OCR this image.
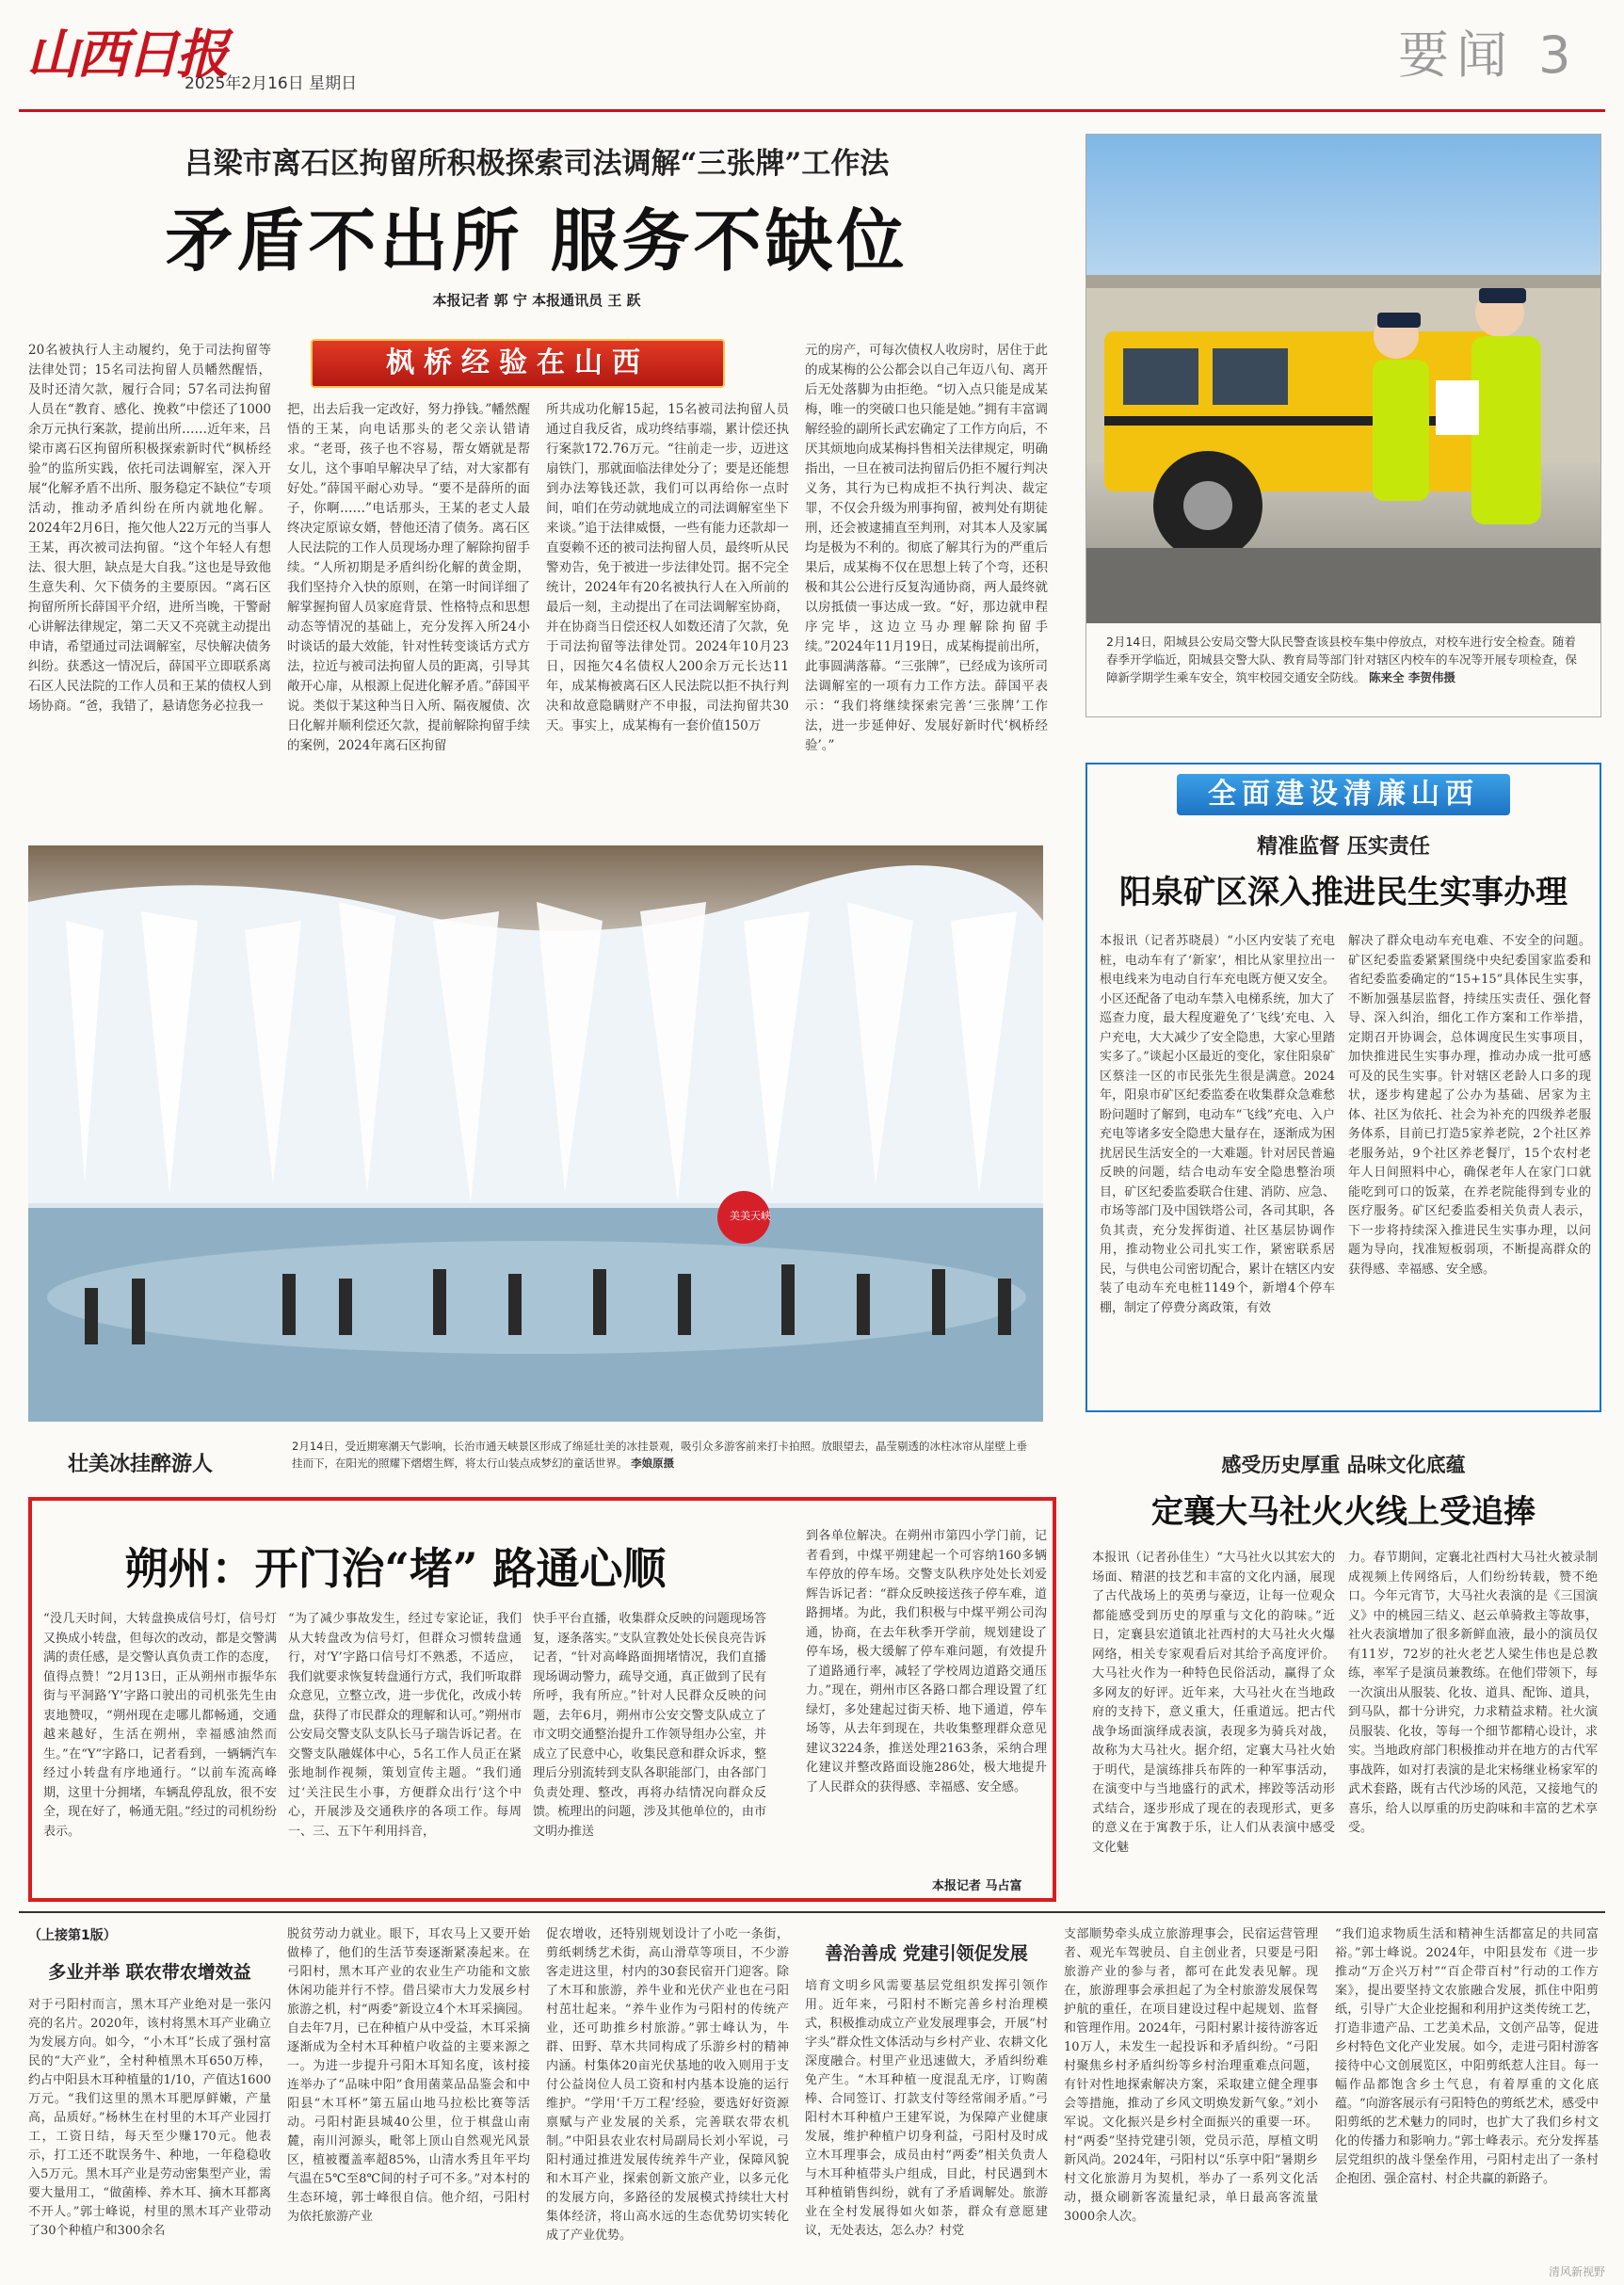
山西日报
2025年2月16日 星期日	要闻 3
吕梁市离石区拘留所积极探索司法调解“三张牌”工作法
矛盾不出所 服务不缺位
本报记者 郭 宁 本报通讯员 王 跃
枫桥经验在山西
20名被执行人主动履约，免于司法拘留等法律处罚；15名司法拘留人员幡然醒悟，及时还清欠款，履行合同；57名司法拘留人员在“教育、感化、挽救”中偿还了1000余万元执行案款，提前出所……近年来，吕梁市离石区拘留所积极探索新时代“枫桥经验”的监所实践，依托司法调解室，深入开展“化解矛盾不出所、服务稳定不缺位”专项活动，推动矛盾纠纷在所内就地化解。2024年2月6日，拖欠他人22万元的当事人王某，再次被司法拘留。“这个年轻人有想法、很大胆，缺点是大自我。”这也是导致他生意失利、欠下债务的主要原因。“离石区拘留所所长薛国平介绍，进所当晚，干警耐心讲解法律规定，第二天又不亮就主动提出申请，希望通过司法调解室，尽快解决债务纠纷。获悉这一情况后，薛国平立即联系离石区人民法院的工作人员和王某的债权人到场协商。“爸，我错了，悬请您务必拉我一
把，出去后我一定改好，努力挣钱。”幡然醒悟的王某，向电话那头的老父亲认错请求。“老哥，孩子也不容易，帮女婿就是帮女儿，这个事咱早解决早了结，对大家都有好处。”薛国平耐心劝导。“要不是薛所的面子，你啊……”电话那头，王某的老丈人最终决定原谅女婿，替他还清了债务。离石区人民法院的工作人员现场办理了解除拘留手续。“人所初期是矛盾纠纷化解的黄金期，我们坚持介入快的原则，在第一时间详细了解掌握拘留人员家庭背景、性格特点和思想动态等情况的基础上，充分发挥入所24小时谈话的最大效能，针对性转变谈话方式方法，拉近与被司法拘留人员的距离，引导其敞开心扉，从根源上促进化解矛盾。”薛国平说。类似于某这种当日入所、隔夜履债、次日化解并顺利偿还欠款，提前解除拘留手续的案例，2024年离石区拘留
所共成功化解15起，15名被司法拘留人员通过自我反省，成功终结事端，累计偿还执行案款172.76万元。“往前走一步，迈进这扇铁门，那就面临法律处分了；要是还能想到办法筹钱还款，我们可以再给你一点时间，咱们在劳动就地成立的司法调解室坐下来谈。”追于法律威慑，一些有能力还款却一直耍赖不还的被司法拘留人员，最终听从民警劝告，免于被进一步法律处罚。据不完全统计，2024年有20名被执行人在入所前的最后一刻，主动提出了在司法调解室协商，并在协商当日偿还权人如数还清了欠款，免于司法拘留等法律处罚。2024年10月23日，因拖欠4名债权人200余万元长达11年，成某梅被离石区人民法院以拒不执行判决和故意隐瞒财产不申报，司法拘留共30天。事实上，成某梅有一套价值150万
元的房产，可每次债权人收房时，居住于此的成某梅的公公都会以自己年迈八旬、离开后无处落脚为由拒绝。“切入点只能是成某梅，唯一的突破口也只能是她。”拥有丰富调解经验的副所长武宏确定了工作方向后，不厌其烦地向成某梅抖售相关法律规定，明确指出，一旦在被司法拘留后仍拒不履行判决义务，其行为已构成拒不执行判决、裁定罪，不仅会升级为刑事拘留，被判处有期徒刑，还会被逮捕直至判刑，对其本人及家属均是极为不利的。彻底了解其行为的严重后果后，成某梅不仅在思想上转了个弯，还积极和其公公进行反复沟通协商，两人最终就以房抵债一事达成一致。“好，那边就申程序完毕，这边立马办理解除拘留手续。”2024年11月19日，成某梅提前出所，此事圆满落幕。“三张牌”，已经成为该所司法调解室的一项有力工作方法。薛国平表示：“我们将继续探索完善‘三张牌’工作法，进一步延伸好、发展好新时代‘枫桥经验’。”
2月14日，阳城县公安局交警大队民警查该县校车集中停放点，对校车进行安全检查。随着春季开学临近，阳城县交警大队、教育局等部门针对辖区内校车的车况等开展专项检查，保障新学期学生乘车安全，筑牢校园交通安全防线。 陈来全 李贺伟摄
美美天峡
壮美冰挂醉游人
2月14日，受近期寒潮天气影响，长治市通天峡景区形成了绵延壮美的冰挂景观，吸引众多游客前来打卡拍照。放眼望去，晶莹剔透的冰柱冰帘从崖壁上垂挂而下，在阳光的照耀下熠熠生辉，将太行山装点成梦幻的童话世界。 李娘原摄
全面建设清廉山西
精准监督 压实责任
阳泉矿区深入推进民生实事办理
本报讯（记者苏晓晨）“小区内安装了充电桩，电动车有了‘新家’，相比从家里拉出一根电线来为电动自行车充电既方便又安全。小区还配备了电动车禁入电梯系统，加大了巡查力度，最大程度避免了‘飞线’充电、入户充电，大大减少了安全隐患，大家心里踏实多了。”谈起小区最近的变化，家住阳泉矿区蔡洼一区的市民张先生很是满意。2024年，阳泉市矿区纪委监委在收集群众急难愁盼问题时了解到，电动车“飞线”充电、入户充电等诸多安全隐患大量存在，逐渐成为困扰居民生活安全的一大难题。针对居民普遍反映的问题，结合电动车安全隐患整治项目，矿区纪委监委联合住建、消防、应急、市场等部门及中国铁塔公司，各司其职，各负其责，充分发挥街道、社区基层协调作用，推动物业公司扎实工作，紧密联系居民，与供电公司密切配合，累计在辖区内安装了电动车充电桩1149个，新增4个停车棚，制定了停费分离政策，有效
解决了群众电动车充电难、不安全的问题。矿区纪委监委紧紧围绕中央纪委国家监委和省纪委监委确定的“15+15”具体民生实事，不断加强基层监督，持续压实责任、强化督导、深入纠治，细化工作方案和工作举措，定期召开协调会，总体调度民生实事项目，加快推进民生实事办理，推动办成一批可感可及的民生实事。针对辖区老龄人口多的现状，逐步构建起了公办为基础、居家为主体、社区为依托、社会为补充的四级养老服务体系，目前已打造5家养老院，2个社区养老服务站，9个社区养老餐厅，15个农村老年人日间照料中心，确保老年人在家门口就能吃到可口的饭菜，在养老院能得到专业的医疗服务。矿区纪委监委相关负责人表示，下一步将持续深入推进民生实事办理，以问题为导向，找准短板弱项，不断提高群众的获得感、幸福感、安全感。
朔州：开门治“堵” 路通心顺
“没几天时间，大转盘换成信号灯，信号灯又换成小转盘，但每次的改动，都是交警满满的责任感，是交警认真负责工作的态度，值得点赞！”2月13日，正从朔州市振华东街与平洞路‘Y’字路口驶出的司机张先生由衷地赞叹，“朔州现在走哪儿都畅通，交通越来越好，生活在朔州，幸福感油然而生。”在“Y”字路口，记者看到，一辆辆汽车经过小转盘有序地通行。“以前车流高峰期，这里十分拥堵，车辆乱停乱放，很不安全，现在好了，畅通无阻。”经过的司机纷纷表示。
“为了减少事故发生，经过专家论证，我们从大转盘改为信号灯，但群众习惯转盘通行，对‘Y’字路口信号灯不熟悉，不适应，我们就要求恢复转盘通行方式，我们听取群众意见，立整立改，进一步优化，改成小转盘，获得了市民群众的理解和认可。”朔州市公安局交警支队支队长马子瑞告诉记者。在交警支队融媒体中心，5名工作人员正在紧张地制作视频，策划宣传主题。“我们通过‘关注民生小事，方便群众出行’这个中心，开展涉及交通秩序的各项工作。每周一、三、五下午利用抖音，
快手平台直播，收集群众反映的问题现场答复，逐条落实。”支队宣教处处长侯良亮告诉记者，“针对高峰路面拥堵情况，我们直播现场调动警力，疏导交通，真正做到了民有所呼，我有所应。”针对人民群众反映的问题，去年6月，朔州市公安交警支队成立了市文明交通整治提升工作领导组办公室，并成立了民意中心，收集民意和群众诉求，整理后分别流转到支队各职能部门，由各部门负责处理、整改，再将办结情况向群众反馈。梳理出的问题，涉及其他单位的，由市文明办推送
到各单位解决。在朔州市第四小学门前，记者看到，中煤平朔建起一个可容纳160多辆车停放的停车场。交警支队秩序处处长刘爱辉告诉记者：“群众反映接送孩子停车难，道路拥堵。为此，我们积极与中煤平朔公司沟通，协商，在去年秋季开学前，规划建设了停车场，极大缓解了停车难问题，有效提升了道路通行率，减轻了学校周边道路交通压力。”现在，朔州市区各路口都合理设置了红绿灯，多处建起过街天桥、地下通道，停车场等，从去年到现在，共收集整理群众意见建议3224条，推送处理2163条，采纳合理化建议并整改路面设施286处，极大地提升了人民群众的获得感、幸福感、安全感。
本报记者 马占富
感受历史厚重 品味文化底蕴
定襄大马社火火线上受追捧
本报讯（记者孙佳生）“大马社火以其宏大的场面、精湛的技艺和丰富的文化内涵，展现了古代战场上的英勇与豪迈，让每一位观众都能感受到历史的厚重与文化的韵味。”近日，定襄县宏道镇北社西村的大马社火火爆网络，相关专家观看后对其给予高度评价。大马社火作为一种特色民俗活动，赢得了众多网友的好评。近年来，大马社火在当地政府的支持下，意义重大，任重道远。把古代战争场面演绎成表演，表现多为骑兵对战，故称为大马社火。据介绍，定襄大马社火始于明代，是演练排兵布阵的一种军事活动，在演变中与当地盛行的武术，摔跤等活动形式结合，逐步形成了现在的表现形式，更多的意义在于寓教于乐，让人们从表演中感受文化魅
力。春节期间，定襄北社西村大马社火被录制成视频上传网络后，人们纷纷转载，赞不绝口。今年元宵节，大马社火表演的是《三国演义》中的桃园三结义、赵云单骑救主等故事，社火表演增加了很多新鲜血液，最小的演员仅有11岁，72岁的社火老艺人梁生伟也是总教练，率军子是演员兼教练。在他们带领下，每一次演出从服装、化妆、道具、配饰、道具，到马队，都十分讲究，力求精益求精。社火演员服装、化妆，等每一个细节都精心设计，求实。当地政府部门积极推动并在地方的古代军事战阵，如对打表演的是北宋杨继业杨家军的武术套路，既有古代沙场的风范，又接地气的喜乐，给人以厚重的历史韵味和丰富的艺术享受。
（上接第1版）
多业并举 联农带农增效益
对于弓阳村而言，黑木耳产业绝对是一张闪亮的名片。2020年，该村将黑木耳产业确立为发展方向。如今，“小木耳”长成了强村富民的“大产业”，全村种植黑木耳650万棒，约占中阳县木耳种植量的1/10，产值达1600万元。“我们这里的黑木耳肥厚鲜嫩，产量高，品质好。”杨林生在村里的木耳产业园打工，工资日结，每天至少赚170元。他表示，打工还不耽误务牛、种地，一年稳稳收入5万元。黑木耳产业是劳动密集型产业，需要大量用工，“做菌棒、养木耳、摘木耳都离不开人。”郭士峰说，村里的黑木耳产业带动了30个种植户和300余名
脱贫劳动力就业。眼下，耳农马上又要开始做棒了，他们的生活节奏逐渐紧凑起来。在弓阳村，黑木耳产业的农业生产功能和文旅休闲功能并行不悖。借吕梁市大力发展乡村旅游之机，村“两委”新设立4个木耳采摘园。自去年7月，已在种植户从中受益，木耳采摘逐渐成为全村木耳种植户收益的主要来源之一。为进一步提升弓阳木耳知名度，该村接连举办了“品味中阳”食用菌菜品品鉴会和中阳县“木耳杯”第五届山地马拉松比赛等活动。弓阳村距县城40公里，位于棋盘山南麓，南川河源头，毗邻上顶山自然观光风景区，植被覆盖率超85%，山清水秀且年平均气温在5℃至8℃间的村子可不多。”对本村的生态环境，郭士峰很自信。他介绍，弓阳村为依托旅游产业
促农增收，还特别规划设计了小吃一条街，剪纸刺绣艺术街，高山滑草等项目，不少游客走进这里，村内的30套民宿开门迎客。除了木耳和旅游，养牛业和光伏产业也在弓阳村茁壮起来。“养牛业作为弓阳村的传统产业，还可助推乡村旅游。”郭士峰认为，牛群、田野、草木共同构成了乐游乡村的精神内涵。村集体20亩光伏基地的收入则用于支付公益岗位人员工资和村内基本设施的运行维护。“学用‘千万工程’经验，要选好好资源禀赋与产业发展的关系，完善联农带农机制。”中阳县农业农村局副局长刘小军说，弓阳村通过推进发展传统养牛产业，保障风貌和木耳产业，探索创新文旅产业，以多元化的发展方向，多路径的发展模式持续壮大村集体经济，将山高水远的生态优势切实转化成了产业优势。
善治善成 党建引领促发展
培育文明乡风需要基层党组织发挥引领作用。近年来，弓阳村不断完善乡村治理模式，积极推动成立产业发展理事会，开展“村字头”群众性文体活动与乡村产业、农耕文化深度融合。村里产业迅速做大，矛盾纠纷难免产生。“木耳种植一度混乱无序，订购菌棒、合同签订、打款支付等经常闹矛盾。”弓阳村木耳种植户王建军说，为保障产业健康发展，维护种植户切身利益，弓阳村及时成立木耳理事会，成员由村“两委”相关负责人与木耳种植带头户组成，目此，村民遇到木耳种植销售纠纷，就有了矛盾调解处。旅游业在全村发展得如火如荼，群众有意愿建议，无处表达，怎么办？村党
支部顺势牵头成立旅游理事会，民宿运营管理者、观光车驾驶员、自主创业者，只要是弓阳旅游产业的参与者，都可在此发表见解。现在，旅游理事会承担起了为全村旅游发展保驾护航的重任，在项目建设过程中起规划、监督和管理作用。2024年，弓阳村累计接待游客近10万人，未发生一起投诉和矛盾纠纷。“弓阳村聚焦乡村矛盾纠纷等乡村治理重难点问题，有针对性地探索解决方案，采取建立健全理事会等措施，推动了乡风文明焕发新气象。”刘小军说。文化振兴是乡村全面振兴的重要一环。村“两委”坚持党建引领，党员示范，厚植文明新风尚。2024年，弓阳村以“乐享中阳”暑期乡村文化旅游月为契机，举办了一系列文化活动，摄众刷新客流量纪录，单日最高客流量3000余人次。
“我们追求物质生活和精神生活都富足的共同富裕。”郭士峰说。2024年，中阳县发布《进一步推动“万企兴万村”“百企带百村”行动的工作方案》，提出要坚持文农旅融合发展，抓住中阳剪纸，引导广大企业挖掘和利用护这类传统工艺，打造非遗产品、工艺美术品，文创产品等，促进乡村特色文化产业发展。如今，走进弓阳村游客接待中心文创展览区，中阳剪纸惹人注目。每一幅作品都饱含乡土气息，有着厚重的文化底蕴。“向游客展示有弓阳特色的剪纸艺术，感受中阳剪纸的艺术魅力的同时，也扩大了我们乡村文化的传播力和影响力。”郭士峰表示。充分发挥基层党组织的战斗堡垒作用，弓阳村走出了一条村企抱团、强企富村、村企共赢的新路子。
清风新视野
